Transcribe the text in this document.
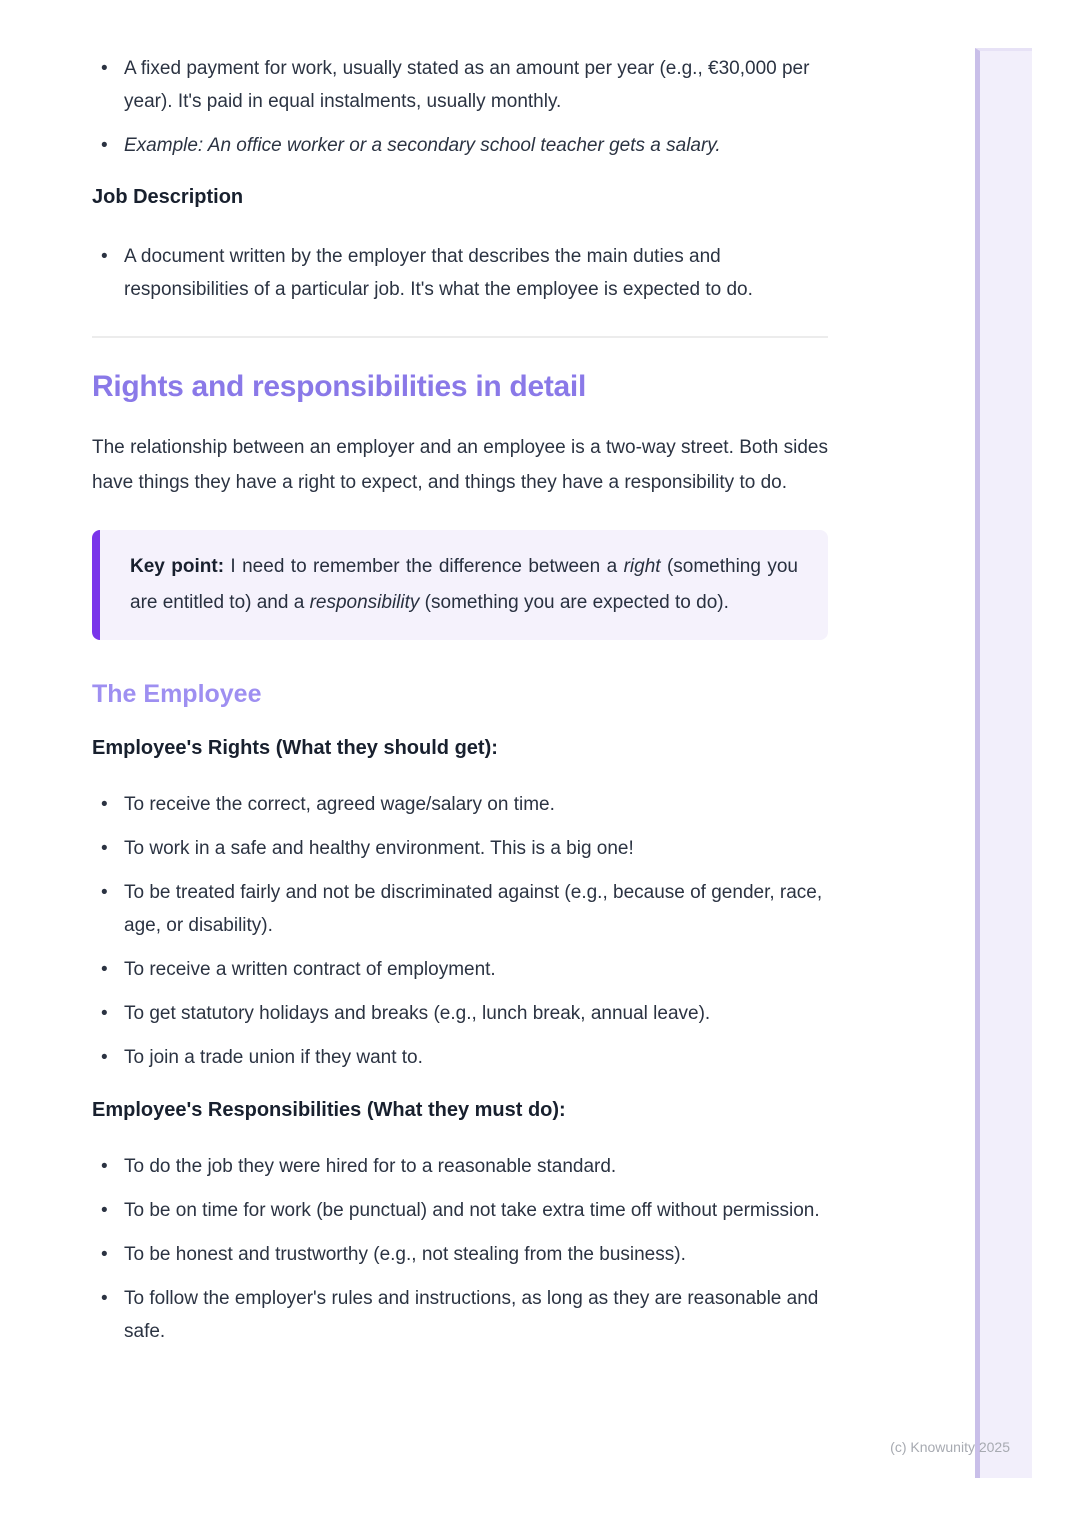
• A fixed payment for work, usually stated as an amount per year (e.g., €30,000 per year). It's paid in equal instalments, usually monthly.
• Example: An office worker or a secondary school teacher gets a salary.
Job Description
• A document written by the employer that describes the main duties and responsibilities of a particular job. It's what the employee is expected to do.
Rights and responsibilities in detail

The relationship between an employer and an employee is a two-way street. Both sides have things they have a right to expect, and things they have a responsibility to do.

Key point: I need to remember the difference between a right (something you are entitled to) and a responsibility (something you are expected to do).

The Employee
Employee's Rights (What they should get):
• To receive the correct, agreed wage/salary on time.
• To work in a safe and healthy environment. This is a big one!
• To be treated fairly and not be discriminated against (e.g., because of gender, race, age, or disability).
• To receive a written contract of employment.
• To get statutory holidays and breaks (e.g., lunch break, annual leave).
• To join a trade union if they want to.
Employee's Responsibilities (What they must do):
• To do the job they were hired for to a reasonable standard.
• To be on time for work (be punctual) and not take extra time off without permission.
• To be honest and trustworthy (e.g., not stealing from the business).
• To follow the employer's rules and instructions, as long as they are reasonable and safe.
(c) Knowunity 2025
